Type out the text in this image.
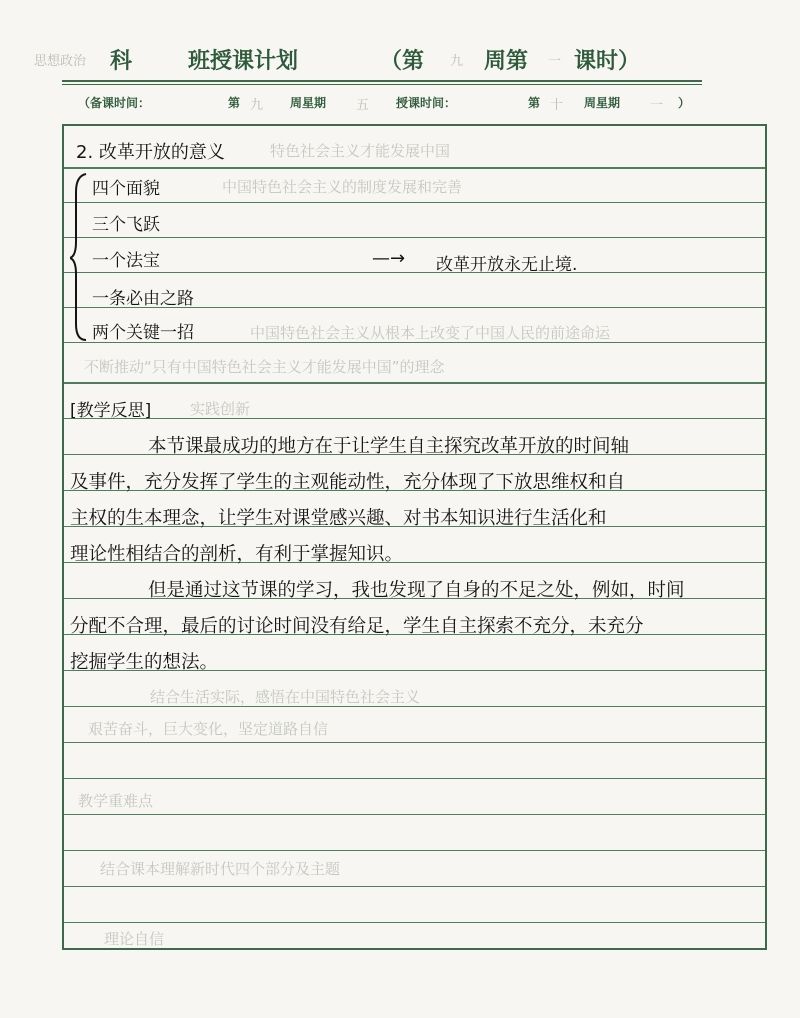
思想政治 科	班授课计划	（第 九 周第 一 课时）
（备课时间：	第 九 周星期 五 授课时间：	第 十 周星期 一 ）
特色社会主义才能发展中国
中国特色社会主义的制度发展和完善
中国特色社会主义从根本上改变了中国人民的前途命运
不断推动“只有中国特色社会主义才能发展中国”的理念
实践创新
结合生活实际，感悟在中国特色社会主义
艰苦奋斗，巨大变化，坚定道路自信
教学重难点
结合课本理解新时代四个部分及主题
理论自信
2. 改革开放的意义
四个面貌
三个飞跃
一个法宝
一条必由之路
两个关键一招
—→ 改革开放永无止境.
[教学反思]
本节课最成功的地方在于让学生自主探究改革开放的时间轴
及事件，充分发挥了学生的主观能动性，充分体现了下放思维权和自
主权的生本理念，让学生对课堂感兴趣、对书本知识进行生活化和
理论性相结合的剖析，有利于掌握知识。
但是通过这节课的学习，我也发现了自身的不足之处，例如，时间
分配不合理，最后的讨论时间没有给足，学生自主探索不充分，未充分
挖掘学生的想法。
